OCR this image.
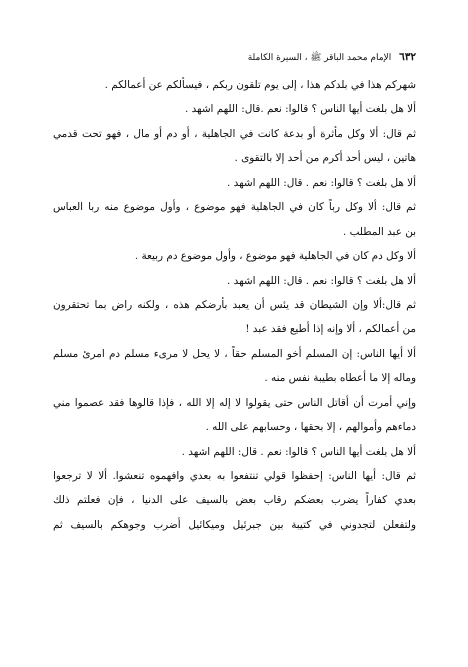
٦٣٢ الإمام محمد الباقر ﷺ ، السيرة الكاملة
شهركم هذا في بلدكم هذا ، إلى يوم تلقون ربكم ، فيسألكم عن أعمالكم .
ألا هل بلغت أيها الناس ؟ قالوا: نعم .قال: اللهم اشهد .
ثم قال: ألا وكل مأثرة أو بدعة كانت في الجاهلية ، أو دم أو مال ، فهو تحت قدمي
هاتين ، ليس أحد أكرم من أحد إلا بالتقوى .
ألا هل بلغت ؟ قالوا: نعم . قال: اللهم اشهد .
ثم قال: ألا وكل رباً كان في الجاهلية فهو موضوع ، وأول موضوع منه ربا العباس
بن عبد المطلب .
ألا وكل دم كان في الجاهلية فهو موضوع ، وأول موضوع دم ربيعة .
ألا هل بلغت ؟ قالوا: نعم . قال: اللهم اشهد .
ثم قال:ألا وإن الشيطان قد يئس أن يعبد بأرضكم هذه ، ولكنه راض بما تحتقرون
من أعمالكم ، ألا وإنه إذا أطيع فقد عبد !
ألا أيها الناس: إن المسلم أخو المسلم حقاً ، لا يحل لا مرىء مسلم دم امرئ مسلم
وماله إلا ما أعطاه بطيبة نفس منه .
وإني أمرت أن أقاتل الناس حتى يقولوا لا إله إلا الله ، فإذا قالوها فقد عصموا مني
دماءهم وأموالهم ، إلا بحقها ، وحسابهم على الله .
ألا هل بلغت أيها الناس ؟ قالوا: نعم . قال: اللهم اشهد .
ثم قال: أيها الناس: إحفظوا قولي تنتفعوا به بعدي وافهموه تنعشوا. ألا لا ترجعوا
بعدي كفاراً يضرب بعضكم رقاب بعض بالسيف على الدنيا ، فإن فعلتم ذلك
ولتفعلن لتجدوني في كتيبة بين جبرئيل وميكائيل أضرب وجوهكم بالسيف ثم
